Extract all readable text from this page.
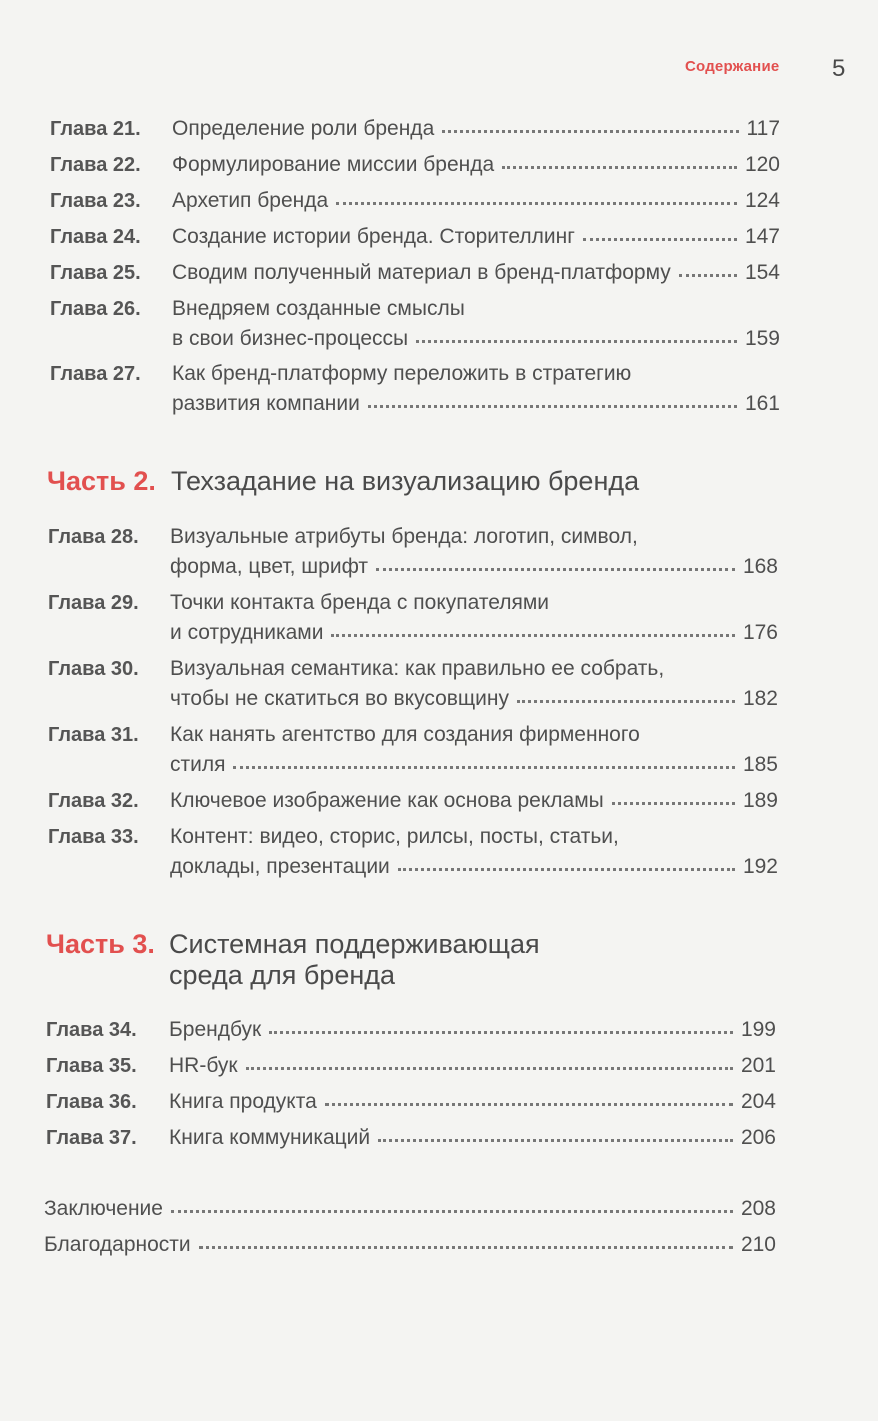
Содержание 5
Часть 2. Техзадание на визуализацию бренда
Часть 3. Системная поддерживающая
среда для бренда
Глава 21. Определение роли бренда	117
Глава 22. Формулирование миссии бренда	120
Глава 23. Архетип бренда	124
Глава 24. Создание истории бренда. Сторителлинг	147
Глава 25. Сводим полученный материал в бренд-платформу	154
Глава 26. Внедряем созданные смыслы
в свои бизнес-процессы	159
Глава 27. Как бренд-платформу переложить в стратегию
развития компании	161
Глава 28. Визуальные атрибуты бренда: логотип, символ,
форма, цвет, шрифт	168
Глава 29. Точки контакта бренда с покупателями
и сотрудниками	176
Глава 30. Визуальная семантика: как правильно ее собрать,
чтобы не скатиться во вкусовщину	182
Глава 31. Как нанять агентство для создания фирменного
стиля	185
Глава 32. Ключевое изображение как основа рекламы	189
Глава 33. Контент: видео, сторис, рилсы, посты, статьи,
доклады, презентации	192
Глава 34. Брендбук	199
Глава 35. HR-бук	201
Глава 36. Книга продукта	204
Глава 37. Книга коммуникаций	206
Заключение	208
Благодарности	210
